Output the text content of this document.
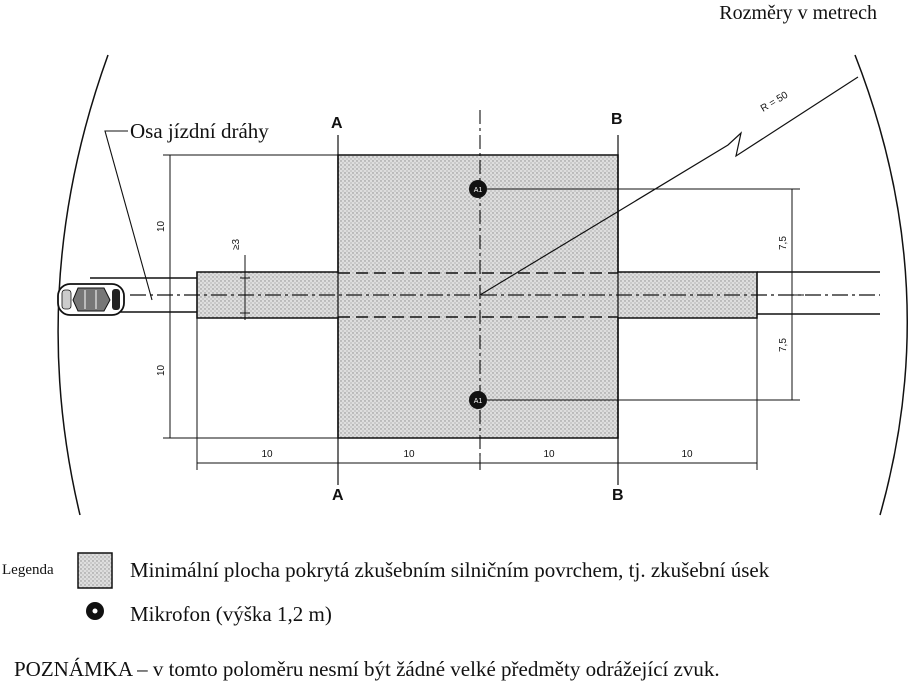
A	B
A	B
R = 50
A1
A1
7,5
7,5
10
10
≥3
10	10	10	10
Osa jízdní dráhy
Rozměry v metrech
Legenda	Minimální plocha pokrytá zkušebním silničním povrchem, tj. zkušební úsek
Mikrofon (výška 1,2 m)
POZNÁMKA – v tomto poloměru nesmí být žádné velké předměty odrážející zvuk.
